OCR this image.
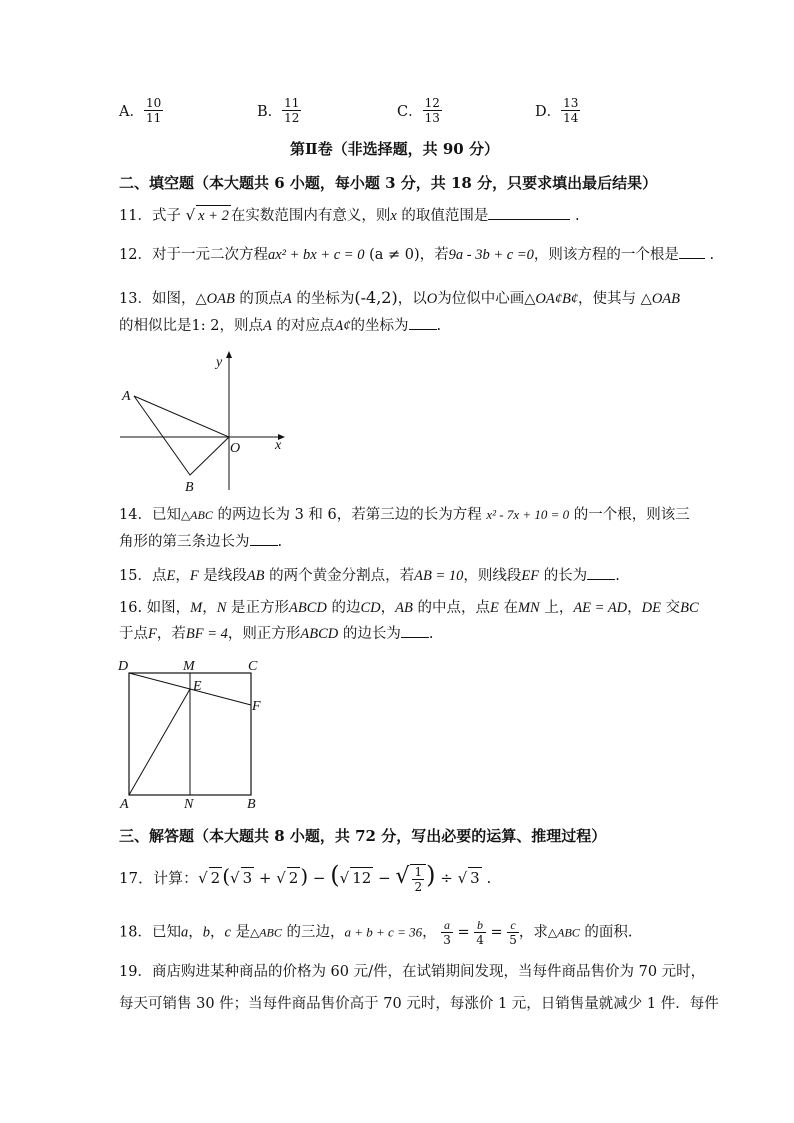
A． $\frac{10}{11}$	B． $\frac{11}{12}$	C． $\frac{12}{13}$	D． $\frac{13}{14}$
第Ⅱ卷（非选择题，共 90 分）
二、填空题（本大题共 6 小题，每小题 3 分，共 18 分，只要求填出最后结果）
11．式子 √ x + 2 在实数范围内有意义，则x 的取值范围是	.
12．对于一元二次方程ax² + bx + c = 0 (a ≠ 0)，若9a - 3b + c =0，则该方程的一个根是 .
13．如图，△OAB 的顶点A 的坐标为(-4,2)，以O为位似中心画△OA¢B¢，使其与 △OAB
的相似比是1: 2，则点A 的对应点A¢的坐标为 .
y
A
O x
B
14．已知△ABC 的两边长为 3 和 6，若第三边的长为方程 x² - 7x + 10 = 0 的一个根，则该三
角形的第三条边长为 .
15．点E，F 是线段AB 的两个黄金分割点，若AB = 10，则线段EF 的长为 .
16. 如图，M，N 是正方形ABCD 的边CD，AB 的中点，点E 在MN 上，AE = AD，DE 交BC
于点F，若BF = 4，则正方形ABCD 的边长为 .
D	M	C
E
F
A	N	B
三、解答题（本大题共 8 小题，共 72 分，写出必要的运算、推理过程）
17．计算：√ 2 (√ 3 + √ 2 ) − (√ 12 − √ $\frac{1}{2}$ ) ÷ √ 3 .
18．已知a，b，c 是△ABC 的三边，a + b + c = 36， $\frac{a}{3} = \frac{b}{4} = \frac{c}{5}$ ，求△ABC 的面积.
19．商店购进某种商品的价格为 60 元/件，在试销期间发现，当每件商品售价为 70 元时，
每天可销售 30 件；当每件商品售价高于 70 元时，每涨价 1 元，日销售量就减少 1 件．每件
